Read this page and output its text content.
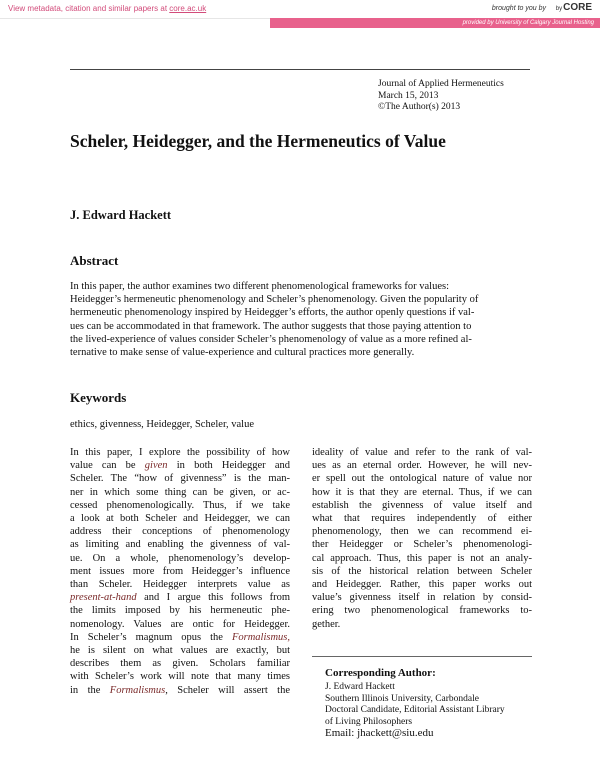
View metadata, citation and similar papers at core.ac.uk	brought to you by byCORE
provided by University of Calgary Journal Hosting
Journal of Applied Hermeneutics
March 15, 2013
©The Author(s) 2013
Scheler, Heidegger, and the Hermeneutics of Value
J. Edward Hackett
Abstract
In this paper, the author examines two different phenomenological frameworks for values:
Heidegger’s hermeneutic phenomenology and Scheler’s phenomenology. Given the popularity of
hermeneutic phenomenology inspired by Heidegger’s efforts, the author openly questions if val-
ues can be accommodated in that framework. The author suggests that those paying attention to
the lived-experience of values consider Scheler’s phenomenology of value as a more refined al-
ternative to make sense of value-experience and cultural practices more generally.
Keywords
ethics, givenness, Heidegger, Scheler, value
In this paper, I explore the possibility of how
value can be given in both Heidegger and
Scheler. The “how of givenness” is the man-
ner in which some thing can be given, or ac-
cessed phenomenologically. Thus, if we take
a look at both Scheler and Heidegger, we can
address their conceptions of phenomenology
as limiting and enabling the givenness of val-
ue. On a whole, phenomenology’s develop-
ment issues more from Heidegger’s influence
than Scheler. Heidegger interprets value as
present-at-hand and I argue this follows from
the limits imposed by his hermeneutic phe-
nomenology. Values are ontic for Heidegger.
In Scheler’s magnum opus the Formalismus,
he is silent on what values are exactly, but
describes them as given. Scholars familiar
with Scheler’s work will note that many times
in the Formalismus, Scheler will assert the
ideality of value and refer to the rank of val-
ues as an eternal order. However, he will nev-
er spell out the ontological nature of value nor
how it is that they are eternal. Thus, if we can
establish the givenness of value itself and
what that requires independently of either
phenomenology, then we can recommend ei-
ther Heidegger or Scheler’s phenomenologi-
cal approach. Thus, this paper is not an analy-
sis of the historical relation between Scheler
and Heidegger. Rather, this paper works out
value’s givenness itself in relation by consid-
ering two phenomenological frameworks to-
gether.
Corresponding Author:
J. Edward Hackett
Southern Illinois University, Carbondale
Doctoral Candidate, Editorial Assistant Library
of Living Philosophers
Email: jhackett@siu.edu
